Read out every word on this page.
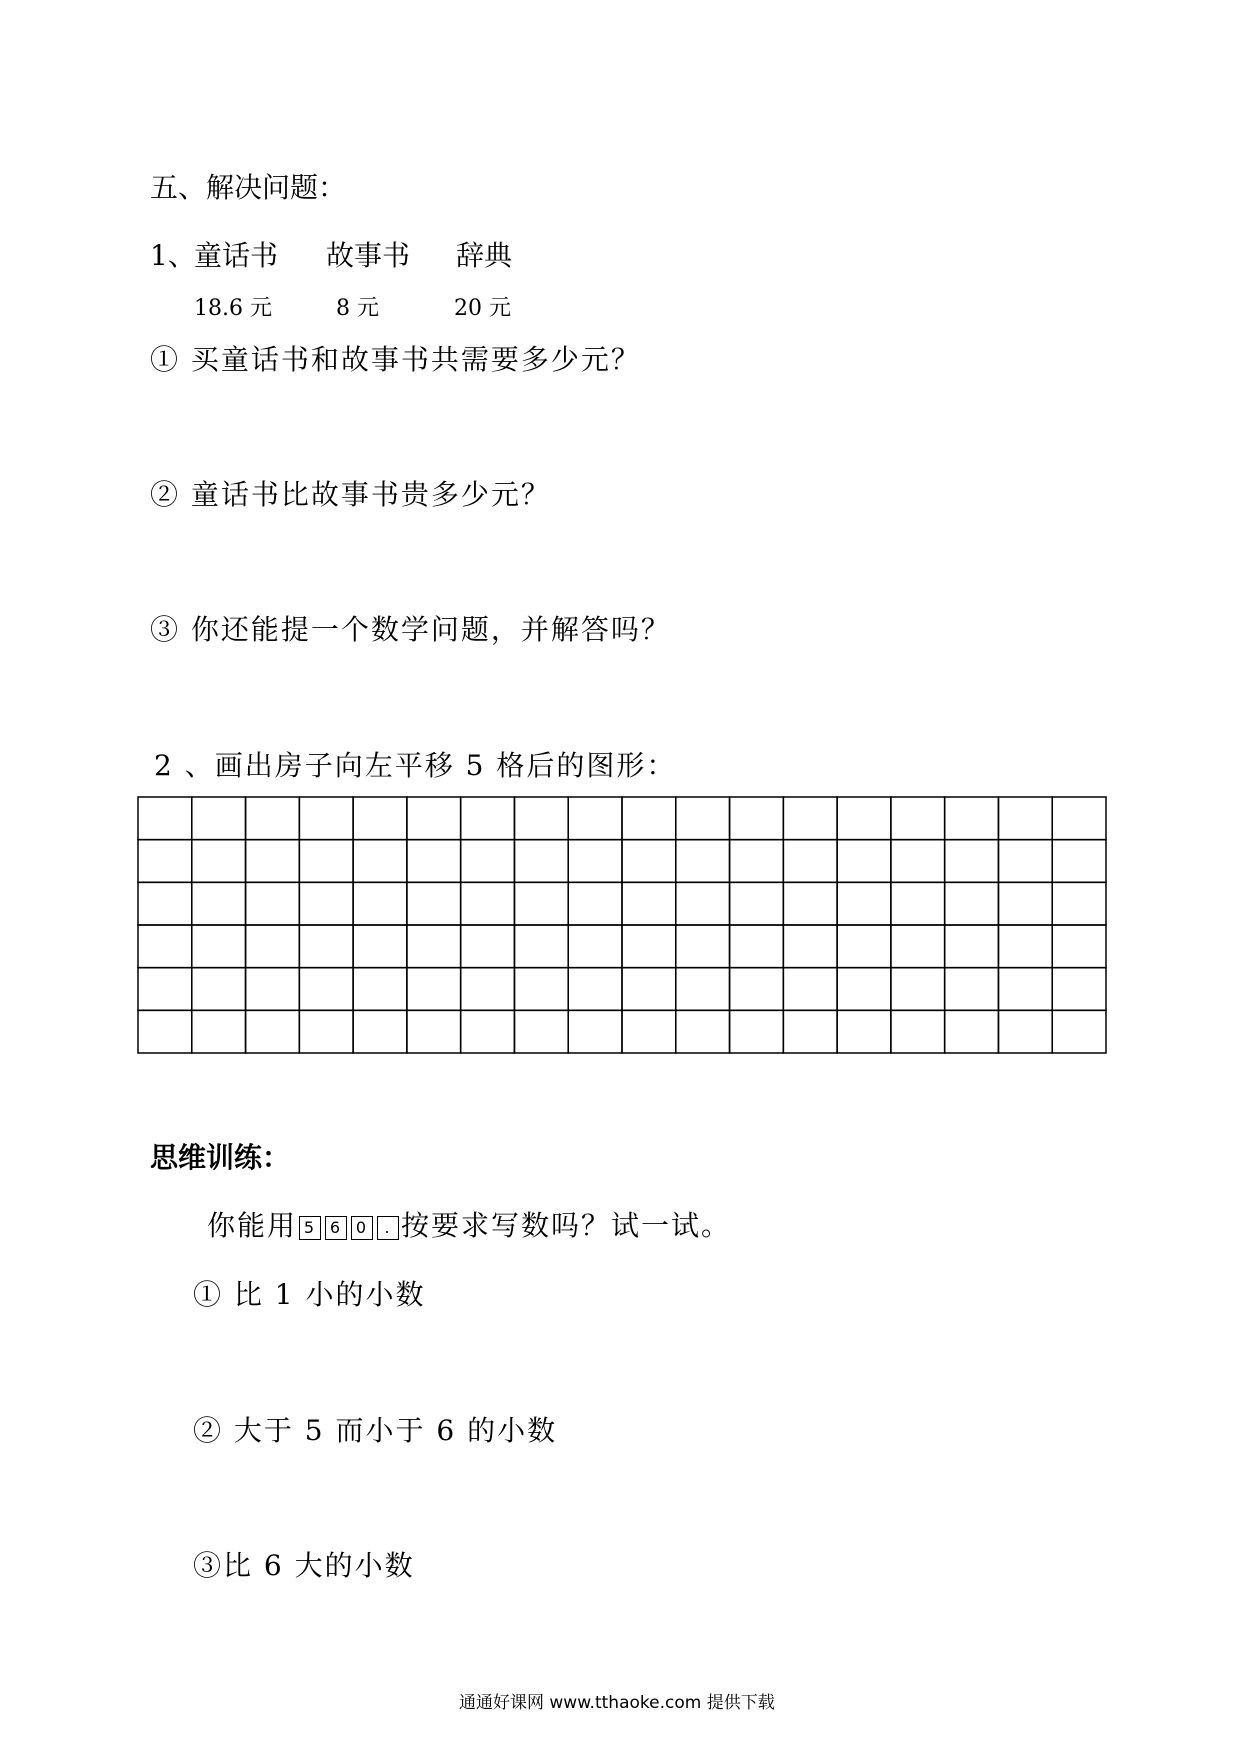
五、解决问题：
1、
童话书 故事书 辞典
18.6 元	8 元	20 元
① 买童话书和故事书共需要多少元？
② 童话书比故事书贵多少元？
③ 你还能提一个数学问题，并解答吗？
2 、画出房子向左平移 5 格后的图形：
思维训练：
你能用 5 6 0 . 按要求写数吗？试一试。
① 比 1 小的小数
② 大于 5 而小于 6 的小数
③比 6 大的小数
通通好课网 www.tthaoke.com 提供下载
